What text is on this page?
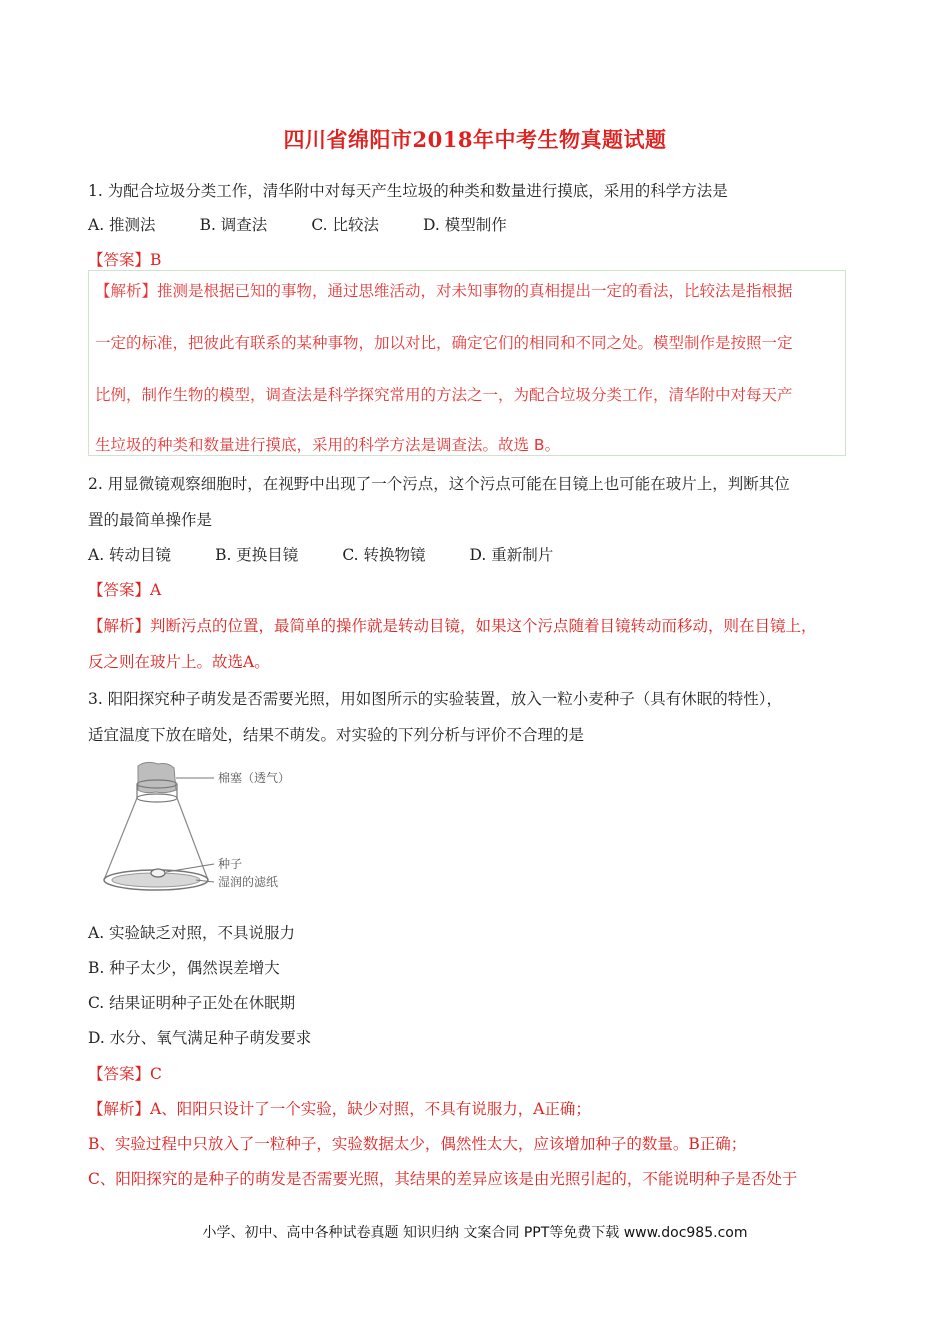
四川省绵阳市2018年中考生物真题试题
1. 为配合垃圾分类工作，清华附中对每天产生垃圾的种类和数量进行摸底，采用的科学方法是
A. 推测法	B. 调查法	C. 比较法	D. 模型制作
【答案】B
【解析】推测是根据已知的事物，通过思维活动，对未知事物的真相提出一定的看法，比较法是指根据
一定的标准，把彼此有联系的某种事物，加以对比，确定它们的相同和不同之处。模型制作是按照一定
比例，制作生物的模型，调查法是科学探究常用的方法之一，为配合垃圾分类工作，清华附中对每天产
生垃圾的种类和数量进行摸底，采用的科学方法是调查法。故选 B。
2. 用显微镜观察细胞时，在视野中出现了一个污点，这个污点可能在目镜上也可能在玻片上，判断其位
置的最简单操作是
A. 转动目镜	B. 更换目镜	C. 转换物镜	D. 重新制片
【答案】A
【解析】判断污点的位置，最简单的操作就是转动目镜，如果这个污点随着目镜转动而移动，则在目镜上，
反之则在玻片上。故选A。
3. 阳阳探究种子萌发是否需要光照，用如图所示的实验装置，放入一粒小麦种子（具有休眠的特性），
适宜温度下放在暗处，结果不萌发。对实验的下列分析与评价不合理的是
棉塞（透气）
种子
湿润的滤纸
A. 实验缺乏对照，不具说服力
B. 种子太少，偶然误差增大
C. 结果证明种子正处在休眠期
D. 水分、氧气满足种子萌发要求
【答案】C
【解析】A、阳阳只设计了一个实验，缺少对照，不具有说服力，A正确；
B、实验过程中只放入了一粒种子，实验数据太少，偶然性太大，应该增加种子的数量。B正确；
C、阳阳探究的是种子的萌发是否需要光照，其结果的差异应该是由光照引起的，不能说明种子是否处于
小学、初中、高中各种试卷真题 知识归纳 文案合同 PPT等免费下载 www.doc985.com
